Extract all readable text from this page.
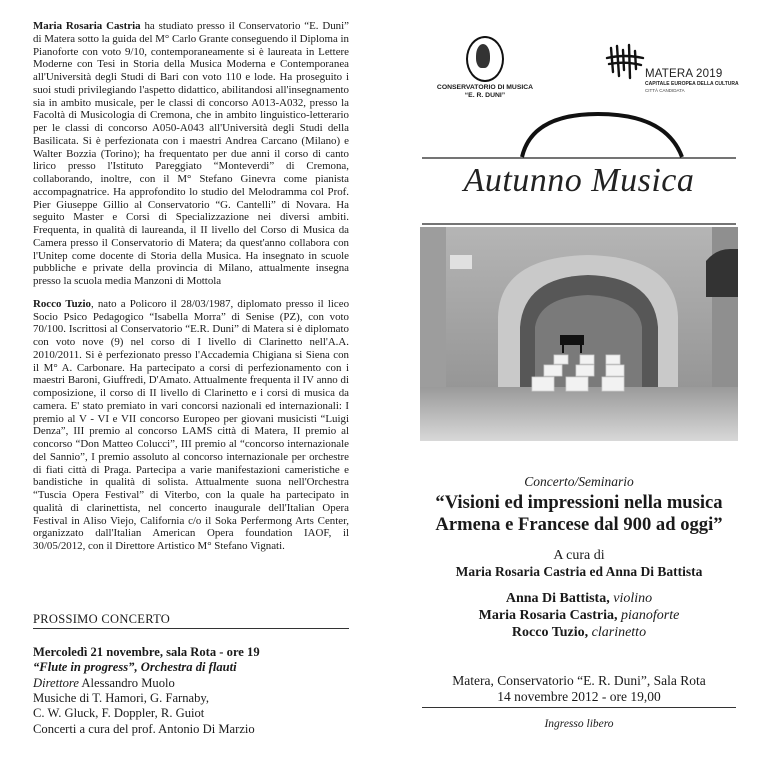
Maria Rosaria Castria ha studiato presso il Conservatorio “E. Duni” di Matera sotto la guida del M° Carlo Grante conseguendo il Diploma in Pianoforte con voto 9/10, contemporaneamente si è laureata in Lettere Moderne con Tesi in Storia della Musica Moderna e Contemporanea all'Università degli Studi di Bari con voto 110 e lode. Ha proseguito i suoi studi privilegiando l'aspetto didattico, abilitandosi all'insegnamento sia in ambito musicale, per le classi di concorso A013-A032, presso la Facoltà di Musicologia di Cremona, che in ambito linguistico-letterario per le classi di concorso A050-A043 all'Università degli Studi della Basilicata. Si è perfezionata con i maestri Andrea Carcano (Milano) e Walter Bozzia (Torino); ha frequentato per due anni il corso di canto lirico presso l'Istituto Pareggiato “Monteverdi” di Cremona, collaborando, inoltre, con il M° Stefano Ginevra come pianista accompagnatrice. Ha approfondito lo studio del Melodramma col Prof. Pier Giuseppe Gillio al Conservatorio “G. Cantelli” di Novara. Ha seguito Master e Corsi di Specializzazione nei diversi ambiti. Frequenta, in qualità di laureanda, il II livello del Corso di Musica da Camera presso il Conservatorio di Matera; da quest'anno collabora con l'Unitep come docente di Storia della Musica. Ha insegnato in scuole pubbliche e private della provincia di Milano, attualmente insegna presso la scuola media Manzoni di Mottola

Rocco Tuzio, nato a Policoro il 28/03/1987, diplomato presso il liceo Socio Psico Pedagogico “Isabella Morra” di Senise (PZ), con voto 70/100. Iscrittosi al Conservatorio “E.R. Duni” di Matera si è diplomato con voto nove (9) nel corso di I livello di Clarinetto nell'A.A. 2010/2011. Si è perfezionato presso l'Accademia Chigiana si Siena con il M° A. Carbonare. Ha partecipato a corsi di perfezionamento con i maestri Baroni, Giuffredi, D'Amato. Attualmente frequenta il IV anno di composizione, il corso di II livello di Clarinetto e i corsi di musica da camera. E' stato premiato in vari concorsi nazionali ed internazionali: I premio al V - VI e VII concorso Europeo per giovani musicisti “Luigi Denza”, III premio al concorso LAMS città di Matera, II premio al concorso “Don Matteo Colucci”, III premio al “concorso internazionale del Sannio”, I premio assoluto al concorso internazionale per orchestre di fiati città di Praga. Partecipa a varie manifestazioni cameristiche e bandistiche in qualità di solista. Attualmente suona nell'Orchestra “Tuscia Opera Festival” di Viterbo, con la quale ha partecipato in qualità di clarinettista, nel concerto inaugurale dell'Italian Opera Festival in Aliso Viejo, California c/o il Soka Perfermong Arts Center, organizzato dall'Italian American Opera foundation IAOF, il 30/05/2012, con il Direttore Artistico M° Stefano Vignati.

PROSSIMO CONCERTO
Mercoledì 21 novembre, sala Rota - ore 19
“Flute in progress”, Orchestra di flauti
Direttore Alessandro Muolo
Musiche di T. Hamori, G. Farnaby,
C. W. Gluck, F. Doppler, R. Guiot
Concerti a cura del prof. Antonio Di Marzio
CONSERVATORIO DI MUSICA
“E. R. DUNI”
MATERA 2019
CAPITALE EUROPEA DELLA CULTURA
CITTÀ CANDIDATA
Autunno Musica
Concerto/Seminario
“Visioni ed impressioni nella musica
Armena e Francese dal 900 ad oggi”
A cura di
Maria Rosaria Castria ed Anna Di Battista
Anna Di Battista, violino
Maria Rosaria Castria, pianoforte
Rocco Tuzio, clarinetto
Matera, Conservatorio “E. R. Duni”, Sala Rota
14 novembre 2012 - ore 19,00
Ingresso libero
